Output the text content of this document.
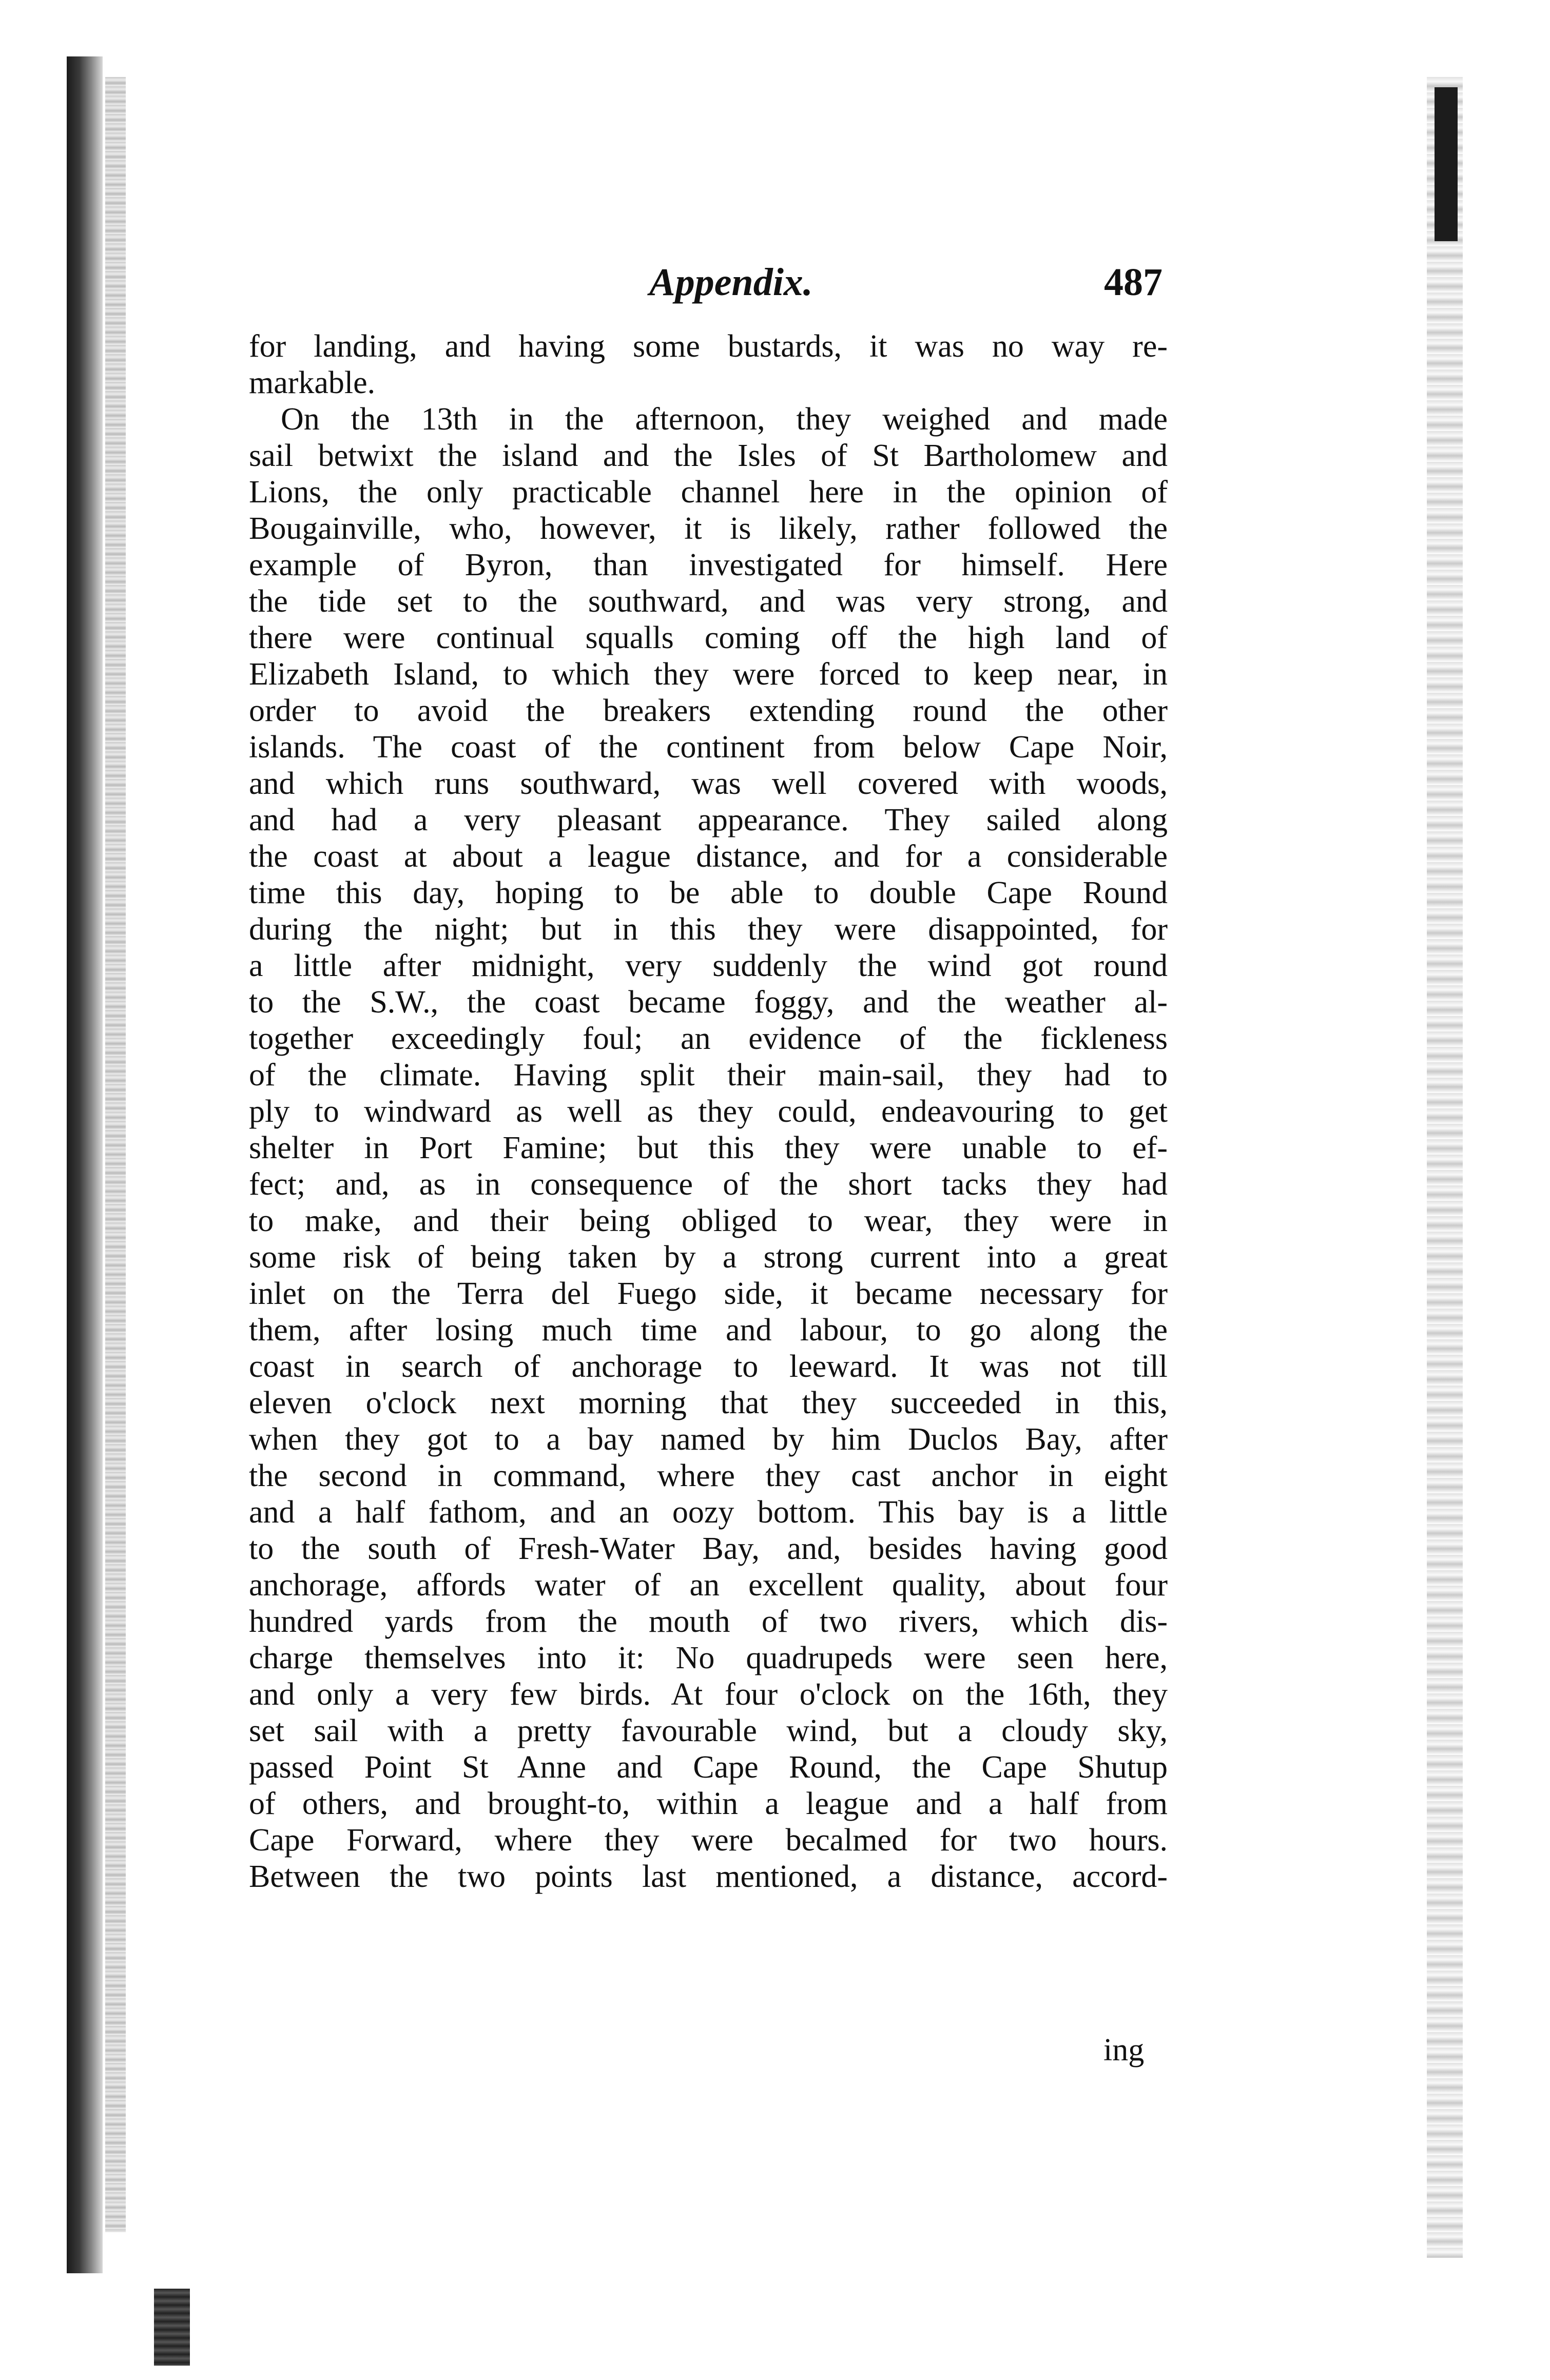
Appendix.	487
for landing, and having some bustards, it was no way re-
markable.
On the 13th in the afternoon, they weighed and made
sail betwixt the island and the Isles of St Bartholomew and
Lions, the only practicable channel here in the opinion of
Bougainville, who, however, it is likely, rather followed the
example of Byron, than investigated for himself. Here
the tide set to the southward, and was very strong, and
there were continual squalls coming off the high land of
Elizabeth Island, to which they were forced to keep near, in
order to avoid the breakers extending round the other
islands. The coast of the continent from below Cape Noir,
and which runs southward, was well covered with woods,
and had a very pleasant appearance. They sailed along
the coast at about a league distance, and for a considerable
time this day, hoping to be able to double Cape Round
during the night; but in this they were disappointed, for
a little after midnight, very suddenly the wind got round
to the S.W., the coast became foggy, and the weather al-
together exceedingly foul; an evidence of the fickleness
of the climate. Having split their main-sail, they had to
ply to windward as well as they could, endeavouring to get
shelter in Port Famine; but this they were unable to ef-
fect; and, as in consequence of the short tacks they had
to make, and their being obliged to wear, they were in
some risk of being taken by a strong current into a great
inlet on the Terra del Fuego side, it became necessary for
them, after losing much time and labour, to go along the
coast in search of anchorage to leeward. It was not till
eleven o'clock next morning that they succeeded in this,
when they got to a bay named by him Duclos Bay, after
the second in command, where they cast anchor in eight
and a half fathom, and an oozy bottom. This bay is a little
to the south of Fresh-Water Bay, and, besides having good
anchorage, affords water of an excellent quality, about four
hundred yards from the mouth of two rivers, which dis-
charge themselves into it: No quadrupeds were seen here,
and only a very few birds. At four o'clock on the 16th, they
set sail with a pretty favourable wind, but a cloudy sky,
passed Point St Anne and Cape Round, the Cape Shutup
of others, and brought-to, within a league and a half from
Cape Forward, where they were becalmed for two hours.
Between the two points last mentioned, a distance, accord-
ing
